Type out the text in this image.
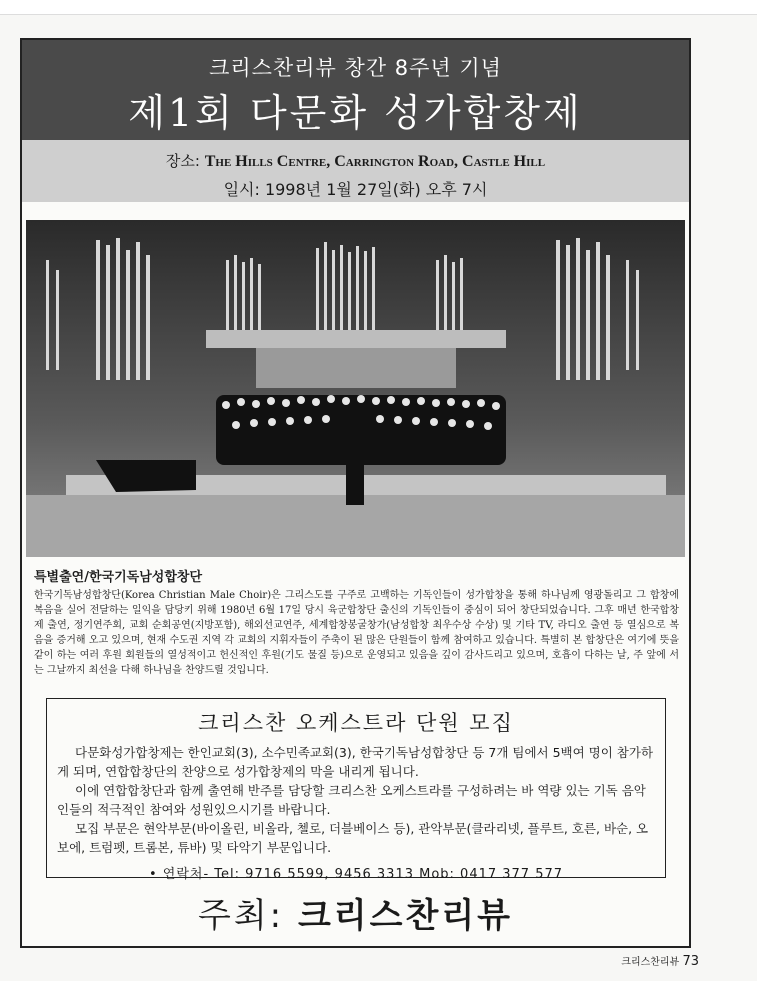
크리스찬리뷰 창간 8주년 기념
제1회 다문화 성가합창제
장소: The Hills Centre, Carrington Road, Castle Hill
일시: 1998년 1월 27일(화) 오후 7시
특별출연/한국기독남성합창단
한국기독남성합창단(Korea Christian Male Choir)은 그리스도를 구주로 고백하는 기독인들이 성가합창을 통해 하나님께 영광돌리고 그 합창에 복음을 실어 전달하는 일익을 담당키 위해 1980년 6월 17일 당시 육군합창단 출신의 기독인들이 중심이 되어 창단되었습니다. 그후 매년 한국합창제 출연, 정기연주회, 교회 순회공연(지방포함), 해외선교연주, 세계합창봉굴창가(남성합창 최우수상 수상) 및 기타 TV, 라디오 출연 등 열심으로 복음을 증거해 오고 있으며, 현재 수도권 지역 각 교회의 지휘자들이 주축이 된 많은 단원들이 함께 참여하고 있습니다. 특별히 본 합창단은 여기에 뜻을 같이 하는 여러 후원 회원들의 열성적이고 헌신적인 후원(기도 물질 등)으로 운영되고 있음을 깊이 감사드리고 있으며, 호흡이 다하는 날, 주 앞에 서는 그날까지 최선을 다해 하나님을 찬양드릴 것입니다.
크리스찬 오케스트라 단원 모집
다문화성가합창제는 한인교회(3), 소수민족교회(3), 한국기독남성합창단 등 7개 팀에서 5백여 명이 참가하게 되며, 연합합창단의 찬양으로 성가합창제의 막을 내리게 됩니다.
이에 연합합창단과 함께 출연해 반주를 담당할 크리스찬 오케스트라를 구성하려는 바 역량 있는 기독 음악인들의 적극적인 참여와 성원있으시기를 바랍니다.
모집 부문은 현악부문(바이올린, 비올라, 첼로, 더블베이스 등), 관악부문(클라리넷, 플루트, 호른, 바순, 오보에, 트럼펫, 트롬본, 튜바) 및 타악기 부문입니다.
• 연락처- Tel: 9716 5599, 9456 3313 Mob: 0417 377 577
주최: 크리스찬리뷰
크리스찬리뷰 73
